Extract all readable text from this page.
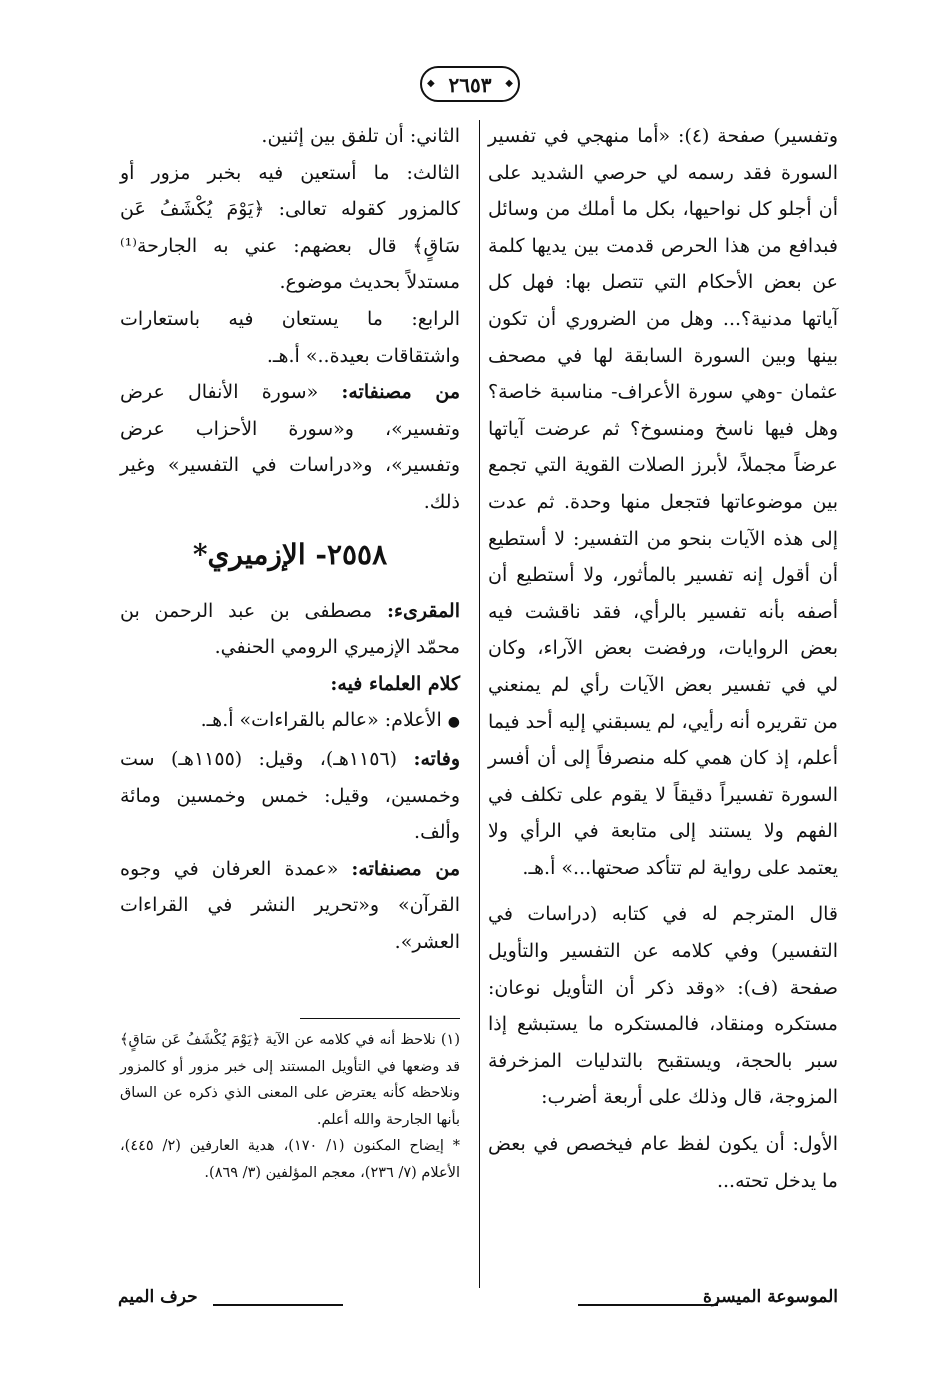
◆ ٢٦٥٣ ◆

وتفسير) صفحة (٤): «أما منهجي في تفسير السورة فقد رسمه لي حرصي الشديد على أن أجلو كل نواحيها، بكل ما أملك من وسائل فبدافع من هذا الحرص قدمت بين يديها كلمة عن بعض الأحكام التي تتصل بها: فهل كل آياتها مدنية؟... وهل من الضروري أن تكون بينها وبين السورة السابقة لها في مصحف عثمان -وهي سورة الأعراف- مناسبة خاصة؟ وهل فيها ناسخ ومنسوخ؟ ثم عرضت آياتها عرضاً مجملاً، لأبرز الصلات القوية التي تجمع بين موضوعاتها فتجعل منها وحدة. ثم عدت إلى هذه الآيات بنحو من التفسير: لا أستطيع أن أقول إنه تفسير بالمأثور، ولا أستطيع أن أصفه بأنه تفسير بالرأي، فقد ناقشت فيه بعض الروايات، ورفضت بعض الآراء، وكان لي في تفسير بعض الآيات رأي لم يمنعني من تقريره أنه رأيي، لم يسبقني إليه أحد فيما أعلم، إذ كان همي كله منصرفاً إلى أن أفسر السورة تفسيراً دقيقاً لا يقوم على تكلف في الفهم ولا يستند إلى متابعة في الرأي ولا يعتمد على رواية لم تتأكد صحتها...» أ.هـ.

قال المترجم له في كتابه (دراسات في التفسير) وفي كلامه عن التفسير والتأويل صفحة (ف): «وقد ذكر أن التأويل نوعان: مستكره ومنقاد، فالمستكره ما يستبشع إذا سبر بالحجة، ويستقبح بالتدليات المزخرفة المزوجة، قال وذلك على أربعة أضرب:

الأول: أن يكون لفظ عام فيخصص في بعض ما يدخل تحته...

الثاني: أن تلفق بين إثنين.

الثالث: ما أستعين فيه بخبر مزور أو كالمزور كقوله تعالى: ﴿يَوْمَ يُكْشَفُ عَن سَاقٍ﴾ قال بعضهم: عني به الجارحة⁽¹⁾ مستدلاً بحديث موضوع.

الرابع: ما يستعان فيه باستعارات واشتقاقات بعيدة..» أ.هـ.

من مصنفاته: «سورة الأنفال عرض وتفسير»، و«سورة الأحزاب عرض وتفسير»، و«دراسات في التفسير» وغير ذلك.

٢٥٥٨- الإزميري*

المقرىء: مصطفى بن عبد الرحمن بن محمّد الإزميري الرومي الحنفي.

كلام العلماء فيه:

● الأعلام: «عالم بالقراءات» أ.هـ.

وفاته: (١١٥٦هـ)، وقيل: (١١٥٥هـ) ست وخمسين، وقيل: خمس وخمسين ومائة وألف.

من مصنفاته: «عمدة العرفان في وجوه القرآن» و«تحرير النشر في القراءات العشر».

(١) نلاحظ أنه في كلامه عن الآية ﴿يَوْمَ يُكْشَفُ عَن سَاقٍ﴾ قد وضعها في التأويل المستند إلى خبر مزور أو كالمزور ونلاحظه كأنه يعترض على المعنى الذي ذكره عن الساق بأنها الجارحة والله أعلم.

* إيضاح المكنون (١/ ١٧٠)، هدية العارفين (٢/ ٤٤٥)، الأعلام (٧/ ٢٣٦)، معجم المؤلفين (٣/ ٨٦٩).

الموسوعة الميسرة
حرف الميم
